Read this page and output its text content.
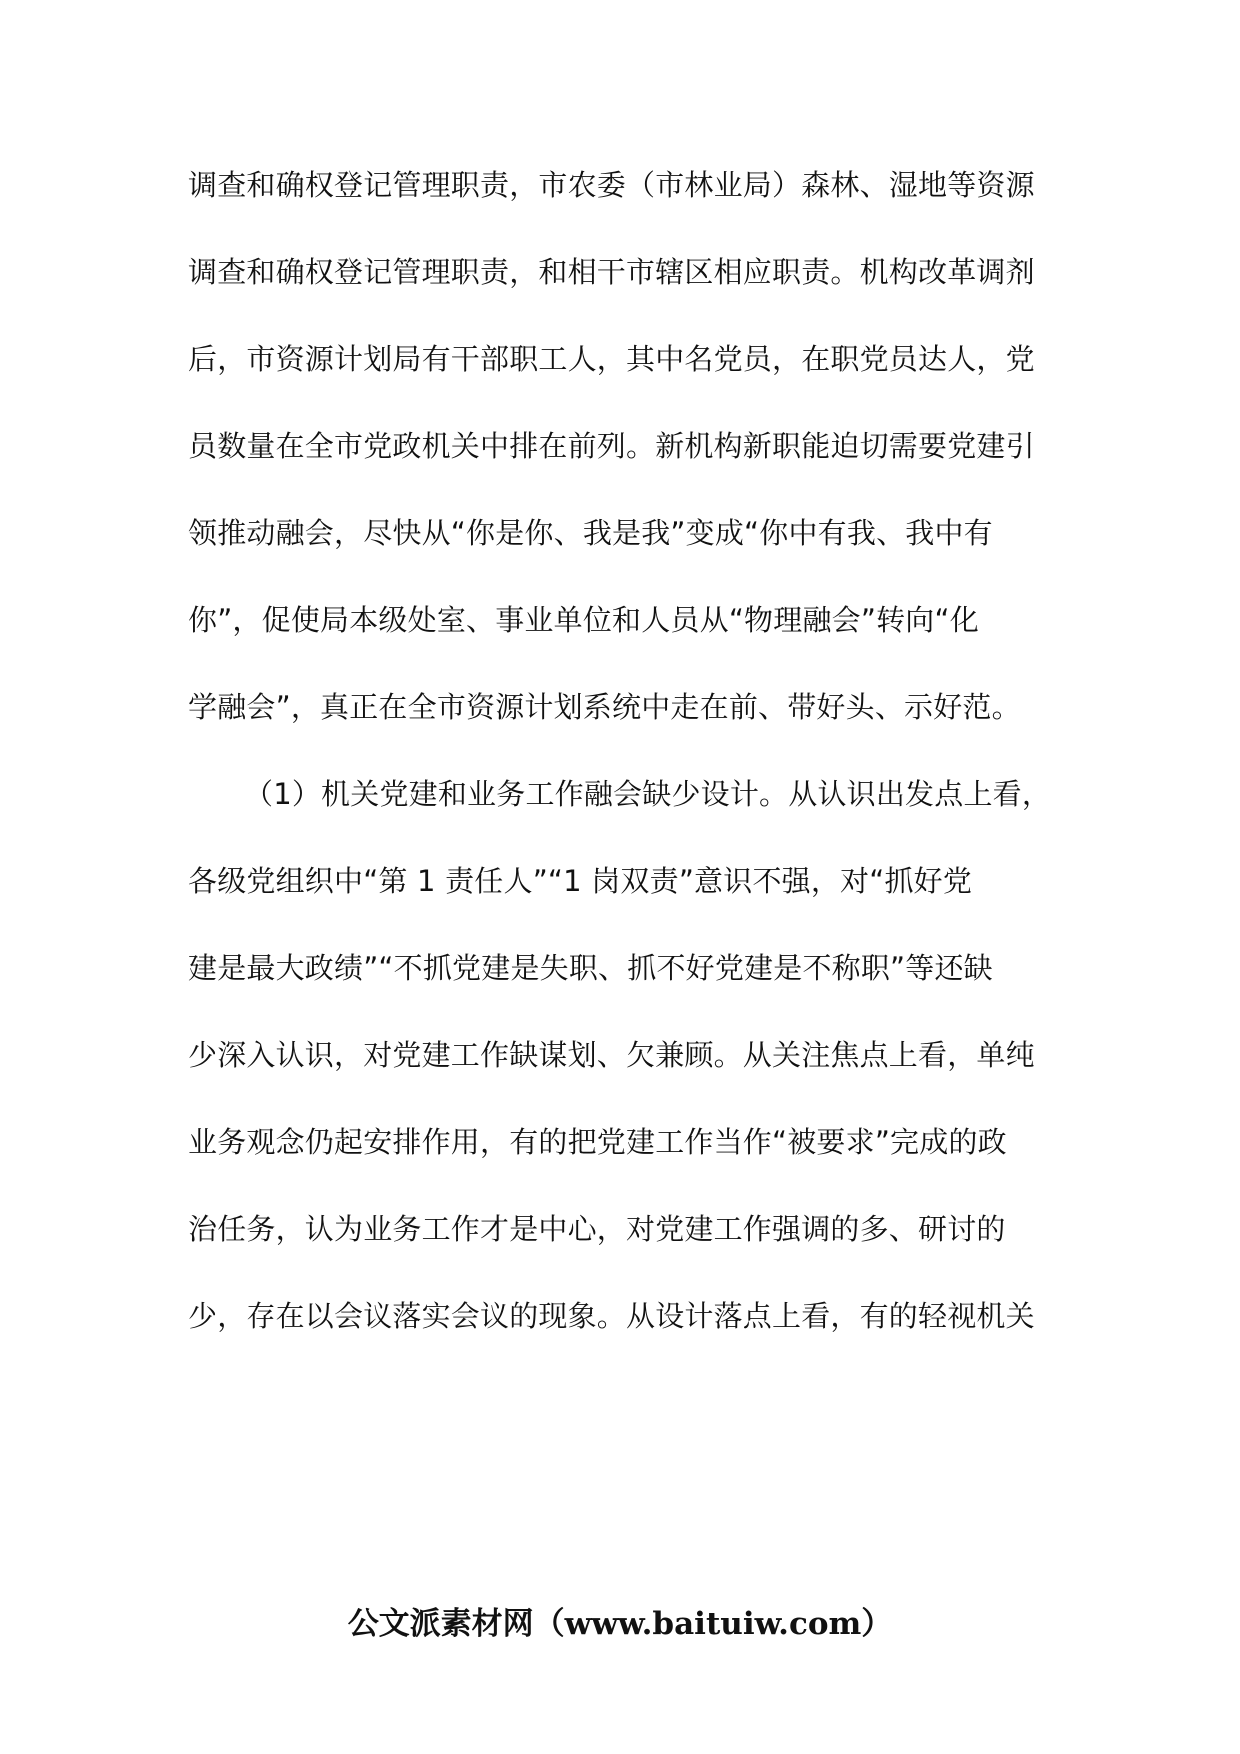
调查和确权登记管理职责，市农委（市林业局）森林、湿地等资源
调查和确权登记管理职责，和相干市辖区相应职责。机构改革调剂
后，市资源计划局有干部职工人，其中名党员，在职党员达人，党
员数量在全市党政机关中排在前列。新机构新职能迫切需要党建引
领推动融会，尽快从“你是你、我是我”变成“你中有我、我中有
你”，促使局本级处室、事业单位和人员从“物理融会”转向“化
学融会”，真正在全市资源计划系统中走在前、带好头、示好范。
（1）机关党建和业务工作融会缺少设计。从认识出发点上看，
各级党组织中“第 1 责任人”“1 岗双责”意识不强，对“抓好党
建是最大政绩”“不抓党建是失职、抓不好党建是不称职”等还缺
少深入认识，对党建工作缺谋划、欠兼顾。从关注焦点上看，单纯
业务观念仍起安排作用，有的把党建工作当作“被要求”完成的政
治任务，认为业务工作才是中心，对党建工作强调的多、研讨的
少，存在以会议落实会议的现象。从设计落点上看，有的轻视机关
公文派素材网（www.baituiw.com）
